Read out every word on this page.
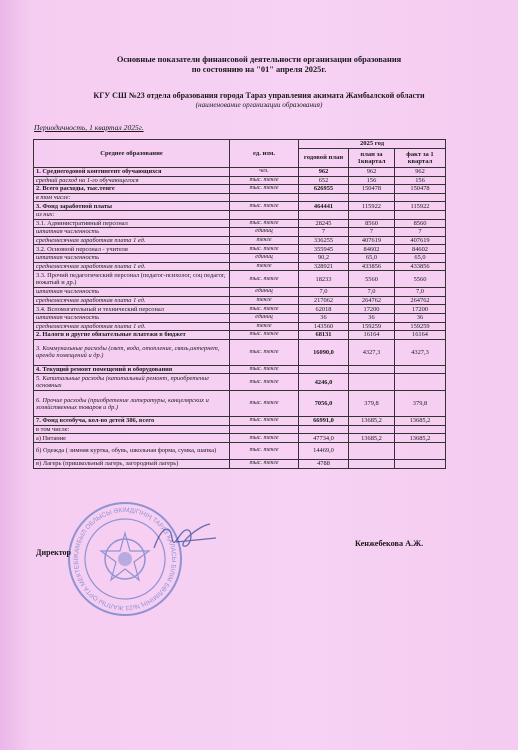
Основные показатели финансовой деятельности организации образования
по состоянию на "01" апреля 2025г.
КГУ СШ №23 отдела образования города Тараз управления акимата Жамбылской области
(наименование организации образования)
Периодичность, 1 квартал 2025г.
Среднее образование	ед. изм.	2025 год		
		годовой план	план за 1квартал	факт за 1 квартал
1. Среднегодовой контингент обучающихся	чел.	962	962	962
средний расход на 1-го обучающегося	тыс. тенге	652	156	156
2. Всего расходы, тыс.тенге	тыс. тенге	626955	150478	150478
в том числе:				
3. Фонд заработной платы	тыс. тенге	464441	115922	115922
из них:				
3.1. Административный персонал	тыс. тенге	28245	8560	8560
штатная численность	единиц	7	7	7
среднемесячная заработная плата 1 ед.	тенге	336255	407619	407619
3.2. Основной персонал - учителя	тыс. тенге	355945	84602	84602
штатная численность	единиц	90,2	65,0	65,0
среднемесячная заработная плата 1 ед.	тенге	328921	433856	433856
3.3. Прочий педагогический персонал (педагог-психолог, соц педагог, вожатый и др.)	тыс. тенге	18233	5560	5560
штатная численность	единиц	7,0	7,0	7,0
среднемесячная заработная плата 1 ед.	тенге	217062	264762	264762
3.4. Вспомогательный и технический персонал	тыс. тенге	62018	17200	17200
штатная численность	единиц	36	36	36
среднемесячная заработная плата 1 ед.	тенге	143560	159259	159259
2. Налоги и другие обязательные платежи в бюджет	тыс. тенге	68131	16164	16164
3. Коммунальные расходы (свет, вода, отопление, связь,интернет, аренда помещений и др.)	тыс. тенге	16090,0	4327,3	4327,3
4. Текущий ремонт помещений и оборудования	тыс. тенге			
5. Капитальные расходы (капитальный ремонт, приобретение основных	тыс. тенге	4246,0		
6. Прочие расходы (приобретение литературы, канцелярских и хозяйственных товаров и др.)	тыс. тенге	7056,0	379,8	379,8
7. Фонд всеобуча, кол-во детей 386, всего	тыс. тенге	66991,0	13685,2	13685,2
в том числе:				
а) Питание	тыс. тенге	47734,0	13685,2	13685,2
б) Одежда ( зимняя куртка, обувь, школьная форма, сумка, шапка)	тыс. тенге	14469,0		
в) Лагерь (пришкольный лагерь, загородный лагерь)	тыс. тенге	4788		
ЖАМБЫЛ ОБЛЫСЫ ӘКІМДІГІНІҢ ТАРАЗ ҚАЛАСЫ БІЛІМ БӨЛІМІНІҢ №23 ЖАЛПЫ ОРТА МЕКТЕБІ
Директор
Кенжебекова А.Ж.
